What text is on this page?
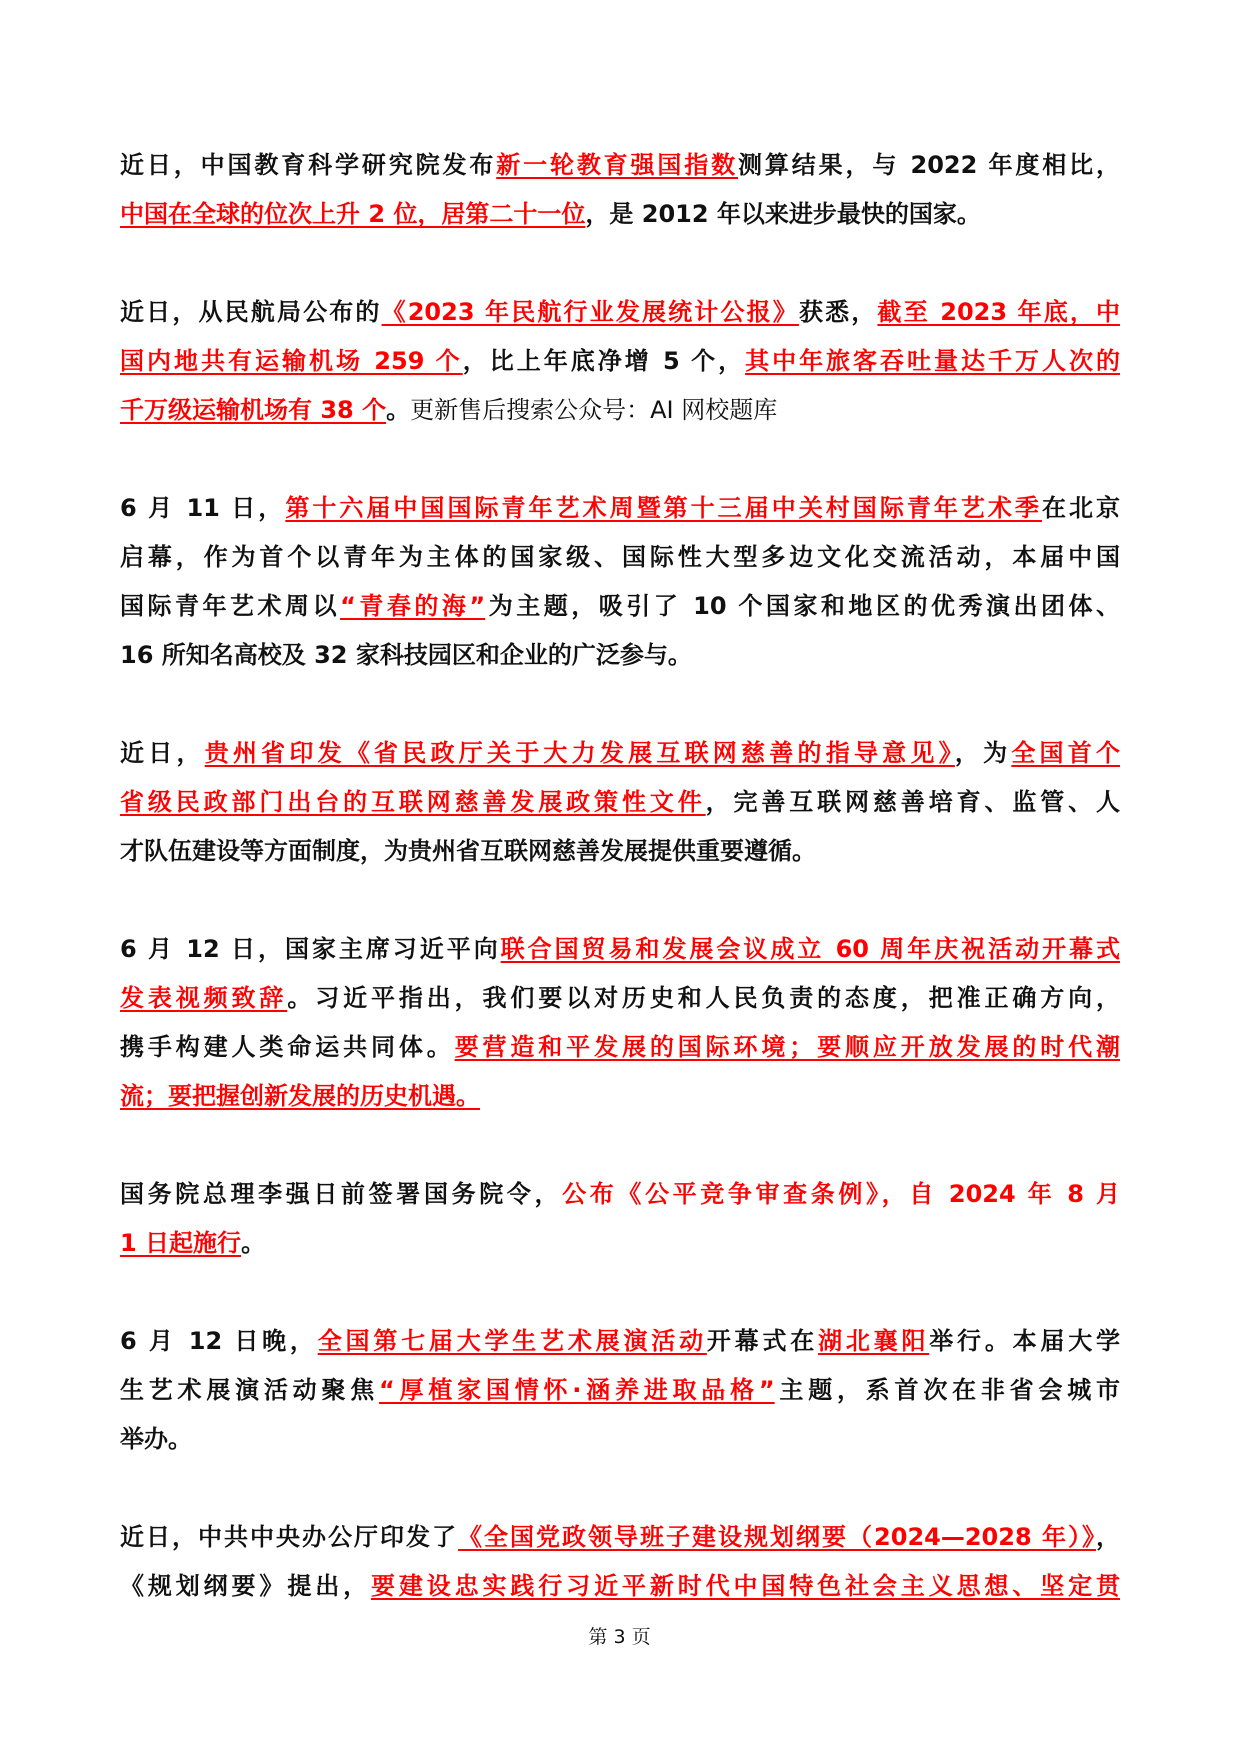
近日，中国教育科学研究院发布新一轮教育强国指数测算结果，与 2022 年度相比，
中国在全球的位次上升 2 位，居第二十一位，是 2012 年以来进步最快的国家。
近日，从民航局公布的《2023 年民航行业发展统计公报》获悉，截至 2023 年底，中
国内地共有运输机场 259 个，比上年底净增 5 个，其中年旅客吞吐量达千万人次的
千万级运输机场有 38 个。更新售后搜索公众号：AI 网校题库
6 月 11 日，第十六届中国国际青年艺术周暨第十三届中关村国际青年艺术季在北京
启幕，作为首个以青年为主体的国家级、国际性大型多边文化交流活动，本届中国
国际青年艺术周以“青春的海”为主题，吸引了 10 个国家和地区的优秀演出团体、
16 所知名高校及 32 家科技园区和企业的广泛参与。
近日，贵州省印发《省民政厅关于大力发展互联网慈善的指导意见》，为全国首个
省级民政部门出台的互联网慈善发展政策性文件，完善互联网慈善培育、监管、人
才队伍建设等方面制度，为贵州省互联网慈善发展提供重要遵循。
6 月 12 日，国家主席习近平向联合国贸易和发展会议成立 60 周年庆祝活动开幕式
发表视频致辞。习近平指出，我们要以对历史和人民负责的态度，把准正确方向，
携手构建人类命运共同体。要营造和平发展的国际环境；要顺应开放发展的时代潮
流；要把握创新发展的历史机遇。
国务院总理李强日前签署国务院令，公布《公平竞争审查条例》，自 2024 年 8 月
1 日起施行。
6 月 12 日晚，全国第七届大学生艺术展演活动开幕式在湖北襄阳举行。本届大学
生艺术展演活动聚焦“厚植家国情怀·涵养进取品格”主题，系首次在非省会城市
举办。
近日，中共中央办公厅印发了《全国党政领导班子建设规划纲要（2024—2028 年）》，
《规划纲要》提出，要建设忠实践行习近平新时代中国特色社会主义思想、坚定贯
第 3 页
